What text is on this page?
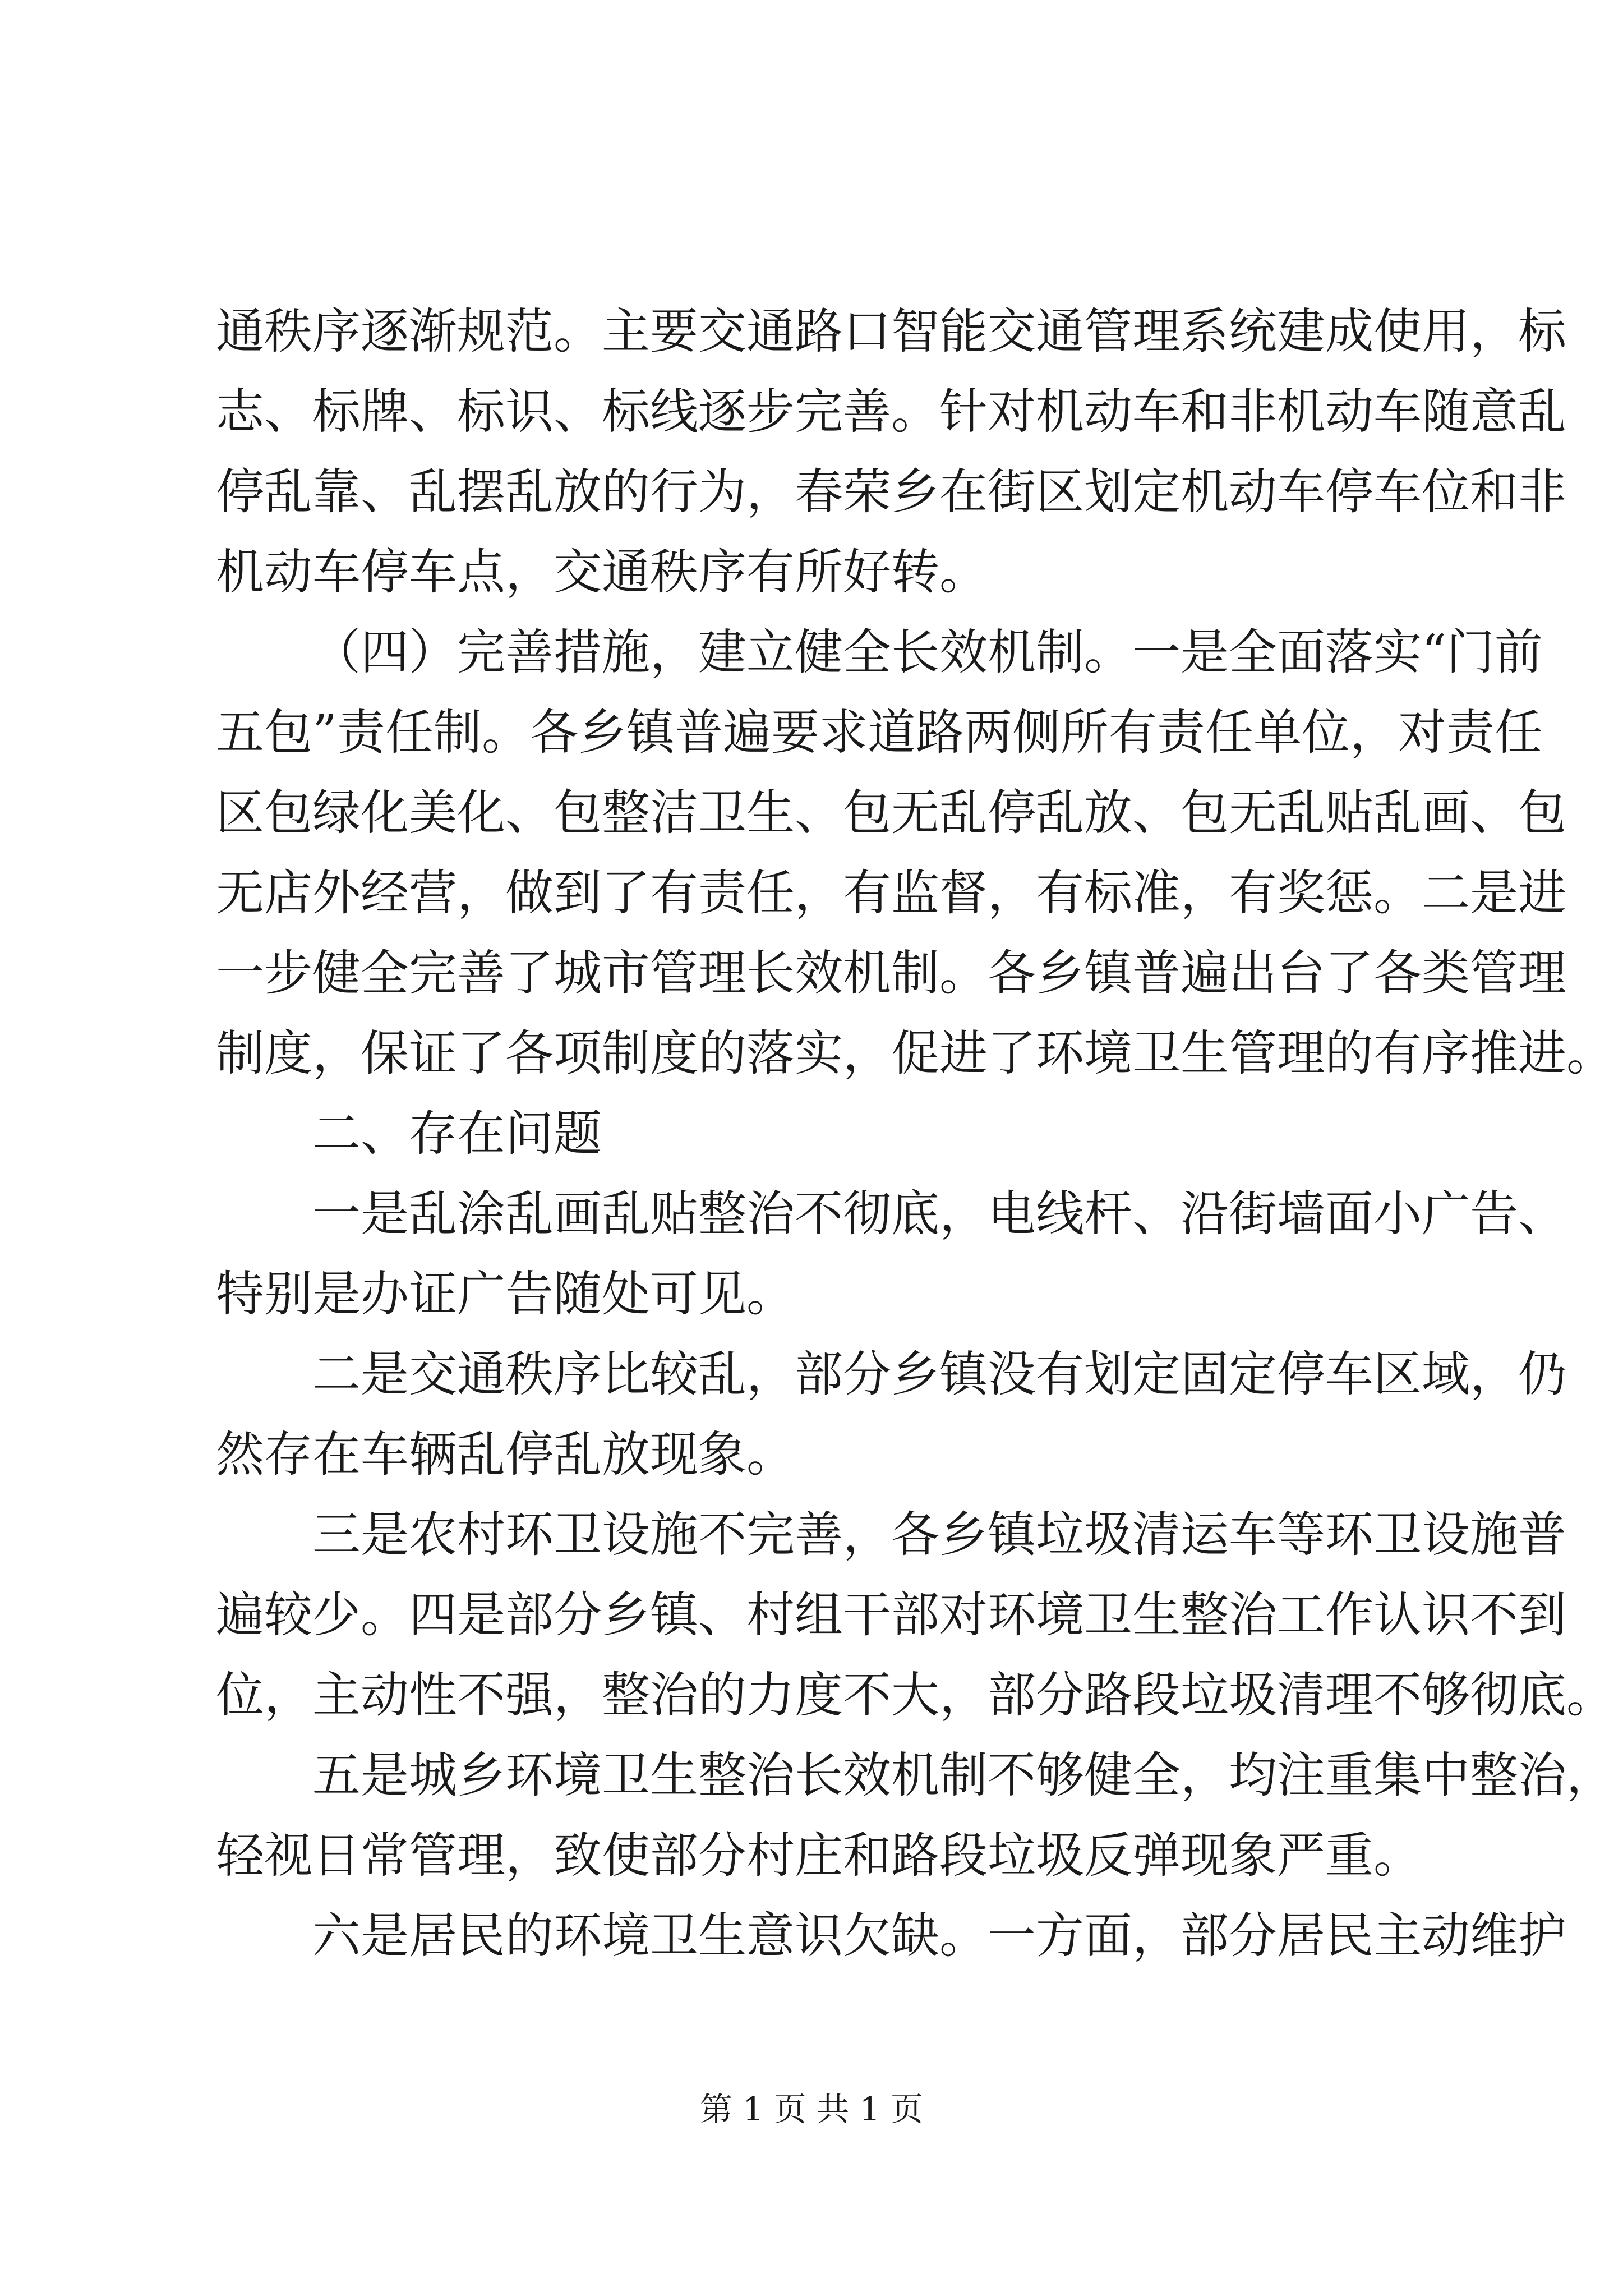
通秩序逐渐规范。主要交通路口智能交通管理系统建成使用，标
志、标牌、标识、标线逐步完善。针对机动车和非机动车随意乱
停乱靠、乱摆乱放的行为，春荣乡在街区划定机动车停车位和非
机动车停车点，交通秩序有所好转。
（四）完善措施，建立健全长效机制。一是全面落实“门前
五包”责任制。各乡镇普遍要求道路两侧所有责任单位，对责任
区包绿化美化、包整洁卫生、包无乱停乱放、包无乱贴乱画、包
无店外经营，做到了有责任，有监督，有标准，有奖惩。二是进
一步健全完善了城市管理长效机制。各乡镇普遍出台了各类管理
制度，保证了各项制度的落实，促进了环境卫生管理的有序推进。
二、存在问题
一是乱涂乱画乱贴整治不彻底，电线杆、沿街墙面小广告、
特别是办证广告随处可见。
二是交通秩序比较乱，部分乡镇没有划定固定停车区域，仍
然存在车辆乱停乱放现象。
三是农村环卫设施不完善，各乡镇垃圾清运车等环卫设施普
遍较少。四是部分乡镇、村组干部对环境卫生整治工作认识不到
位，主动性不强，整治的力度不大，部分路段垃圾清理不够彻底。
五是城乡环境卫生整治长效机制不够健全，均注重集中整治，
轻视日常管理，致使部分村庄和路段垃圾反弹现象严重。
六是居民的环境卫生意识欠缺。一方面，部分居民主动维护
第 1 页 共 1 页
